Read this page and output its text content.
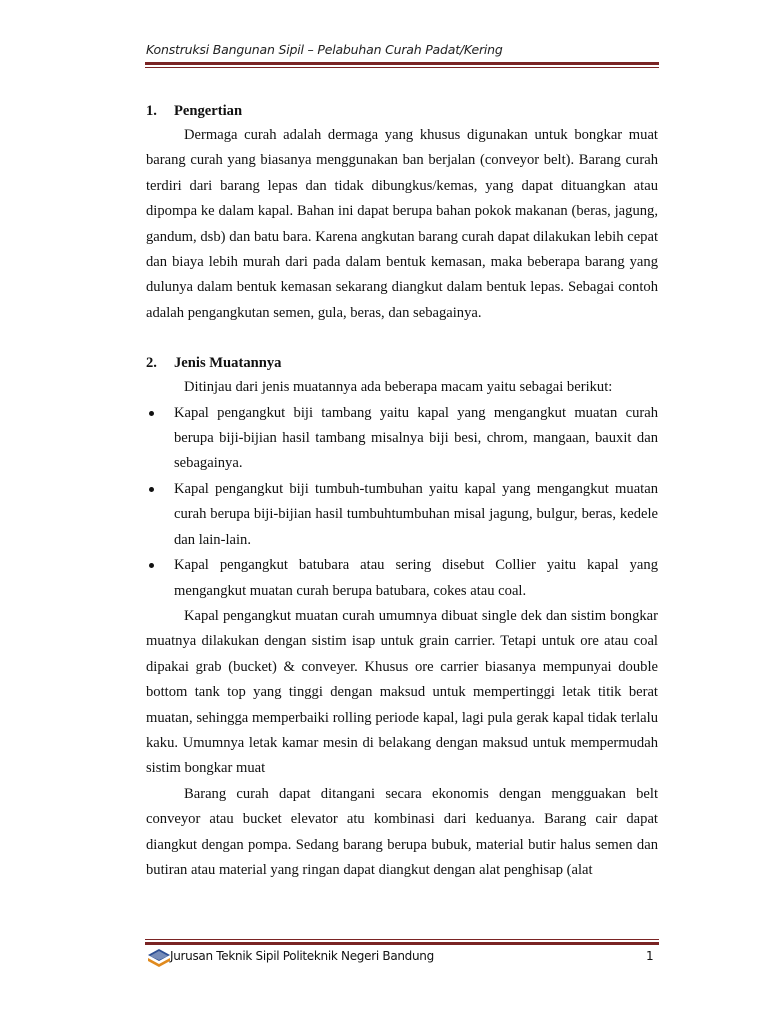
Konstruksi Bangunan Sipil – Pelabuhan Curah Padat/Kering
1.	Pengertian

Dermaga curah adalah dermaga yang khusus digunakan untuk bongkar muat barang curah yang biasanya menggunakan ban berjalan (conveyor belt). Barang curah terdiri dari barang lepas dan tidak dibungkus/kemas, yang dapat dituangkan atau dipompa ke dalam kapal. Bahan ini dapat berupa bahan pokok makanan (beras, jagung, gandum, dsb) dan batu bara. Karena angkutan barang curah dapat dilakukan lebih cepat dan biaya lebih murah dari pada dalam bentuk kemasan, maka beberapa barang yang dulunya dalam bentuk kemasan sekarang diangkut dalam bentuk lepas. Sebagai contoh adalah pengangkutan semen, gula, beras, dan sebagainya.

2.	Jenis Muatannya

Ditinjau dari jenis muatannya ada beberapa macam yaitu sebagai berikut:

Kapal pengangkut biji tambang yaitu kapal yang mengangkut muatan curah berupa biji-bijian hasil tambang misalnya biji besi, chrom, mangaan, bauxit dan sebagainya.
Kapal pengangkut biji tumbuh-tumbuhan yaitu kapal yang mengangkut muatan curah berupa biji-bijian hasil tumbuhtumbuhan misal jagung, bulgur, beras, kedele dan lain-lain.
Kapal pengangkut batubara atau sering disebut Collier yaitu kapal yang mengangkut muatan curah berupa batubara, cokes atau coal.

Kapal pengangkut muatan curah umumnya dibuat single dek dan sistim bongkar muatnya dilakukan dengan sistim isap untuk grain carrier. Tetapi untuk ore atau coal dipakai grab (bucket) & conveyer. Khusus ore carrier biasanya mempunyai double bottom tank top yang tinggi dengan maksud untuk mempertinggi letak titik berat muatan, sehingga memperbaiki rolling periode kapal, lagi pula gerak kapal tidak terlalu kaku. Umumnya letak kamar mesin di belakang dengan maksud untuk mempermudah sistim bongkar muat

Barang curah dapat ditangani secara ekonomis dengan mengguakan belt conveyor atau bucket elevator atu kombinasi dari keduanya. Barang cair dapat diangkut dengan pompa. Sedang barang berupa bubuk, material butir halus semen dan butiran atau material yang ringan dapat diangkut dengan alat penghisap (alat

Jurusan Teknik Sipil Politeknik Negeri Bandung	1
